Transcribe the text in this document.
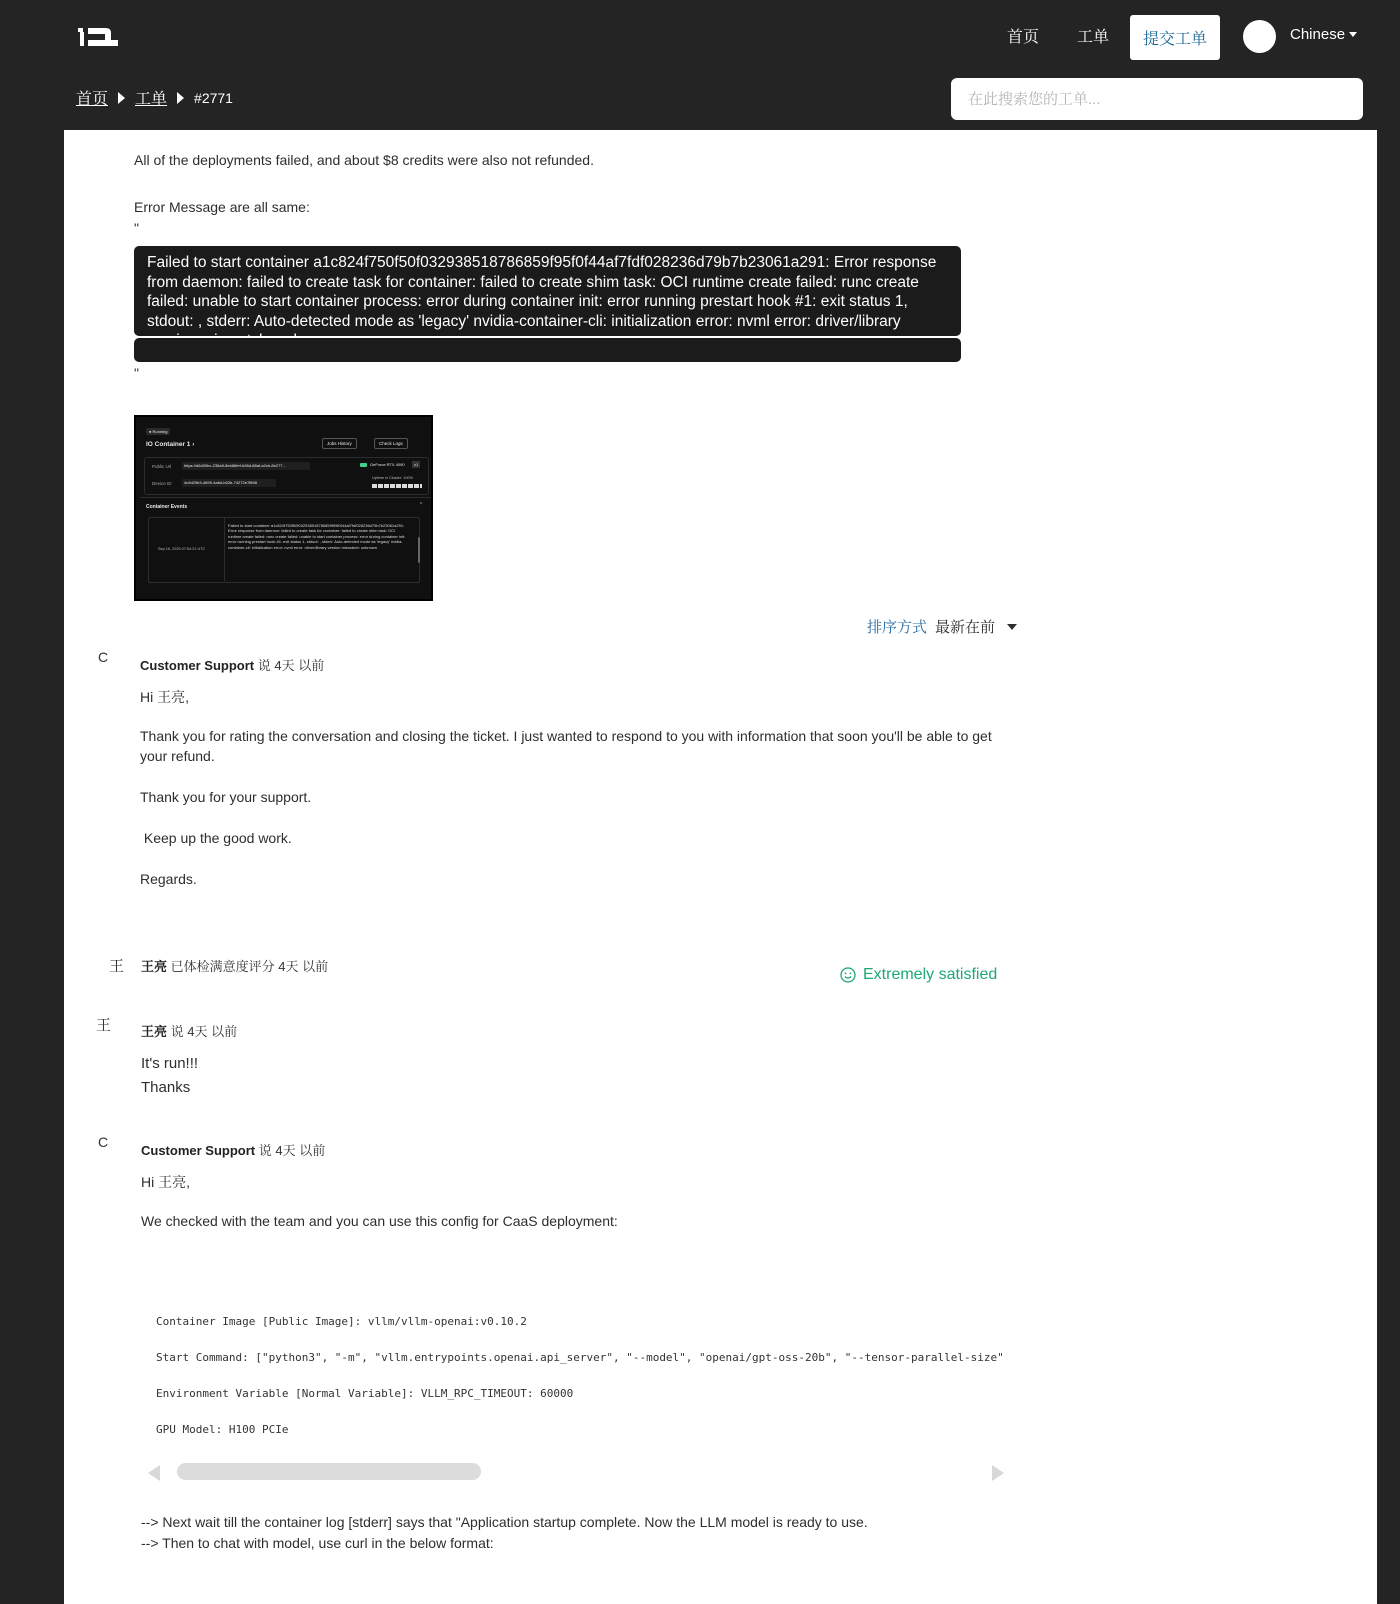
首页 工单	提交工单	Chinese
首页 工单 #2771
在此搜索您的工单...
All of the deployments failed, and about $8 credits were also not refunded.
Error Message are all same:
"
Failed to start container a1c824f750f50f032938518786859f95f0f44af7fdf028236d79b7b23061a291: Error response from daemon: failed to create task for container: failed to create shim task: OCI runtime create failed: runc create failed: unable to start container process: error during container init: error running prestart hook #1: exit status 1, stdout: , stderr: Auto-detected mode as 'legacy' nvidia-container-cli: initialization error: nvml error: driver/library
"
● Running
IO Container 1 ›	Jobs History	Check Logs
Public Url	https://d6d39hc-235a9-8eb86fef-b98d-88af-a2cb-8e277...
Device ID	4c9d29b3-4699-4a6d-b02b-74272e7f898
GeForce RTX 4090	x1
Uptime in Cluster: 100%
Container Events	⌃
Sep 16, 2025 07:54:21 UTC
Failed to start container a1c824f750f50f032938518786859f95f0f44af7fdf028236d79b7b23061a291: Error response from daemon: failed to create task for container: failed to create shim task: OCI runtime create failed: runc create failed: unable to start container process: error during container init: error running prestart hook #1: exit status 1, stdout: , stderr: Auto-detected mode as 'legacy' nvidia-container-cli: initialization error: nvml error: driver/library version mismatch: unknown
排序方式 最新在前
C
Customer Support 说 4天 以前
Hi 王亮,
Thank you for rating the conversation and closing the ticket. I just wanted to respond to you with information that soon you'll be able to get
your refund.
Thank you for your support.
Keep up the good work.
Regards.
王 王亮 已体检满意度评分 4天 以前	Extremely satisfied
王 王亮 说 4天 以前
It's run!!!
Thanks
C
Customer Support 说 4天 以前
Hi 王亮,
We checked with the team and you can use this config for CaaS deployment:
Container Image [Public Image]: vllm/vllm-openai:v0.10.2
Start Command: ["python3", "-m", "vllm.entrypoints.openai.api_server", "--model", "openai/gpt-oss-20b", "--tensor-parallel-size"
Environment Variable [Normal Variable]: VLLM_RPC_TIMEOUT: 60000
GPU Model: H100 PCIe
--> Next wait till the container log [stderr] says that "Application startup complete. Now the LLM model is ready to use.
--> Then to chat with model, use curl in the below format:
